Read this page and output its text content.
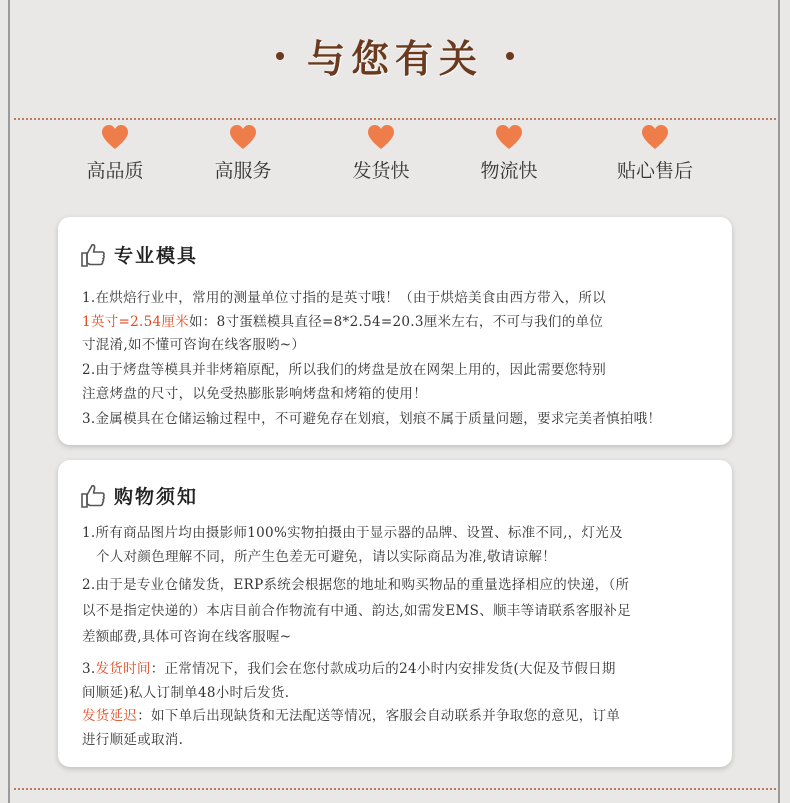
与您有关
高品质	高服务	发货快	物流快	贴心售后
专业模具
1.在烘焙行业中，常用的测量单位寸指的是英寸哦！（由于烘焙美食由西方带入，所以
1英寸=2.54厘米如：8寸蛋糕模具直径=8*2.54=20.3厘米左右，不可与我们的单位
寸混淆,如不懂可咨询在线客服哟~）
2.由于烤盘等模具并非烤箱原配，所以我们的烤盘是放在网架上用的，因此需要您特别
注意烤盘的尺寸，以免受热膨胀影响烤盘和烤箱的使用！
3.金属模具在仓储运输过程中，不可避免存在划痕，划痕不属于质量问题，要求完美者慎拍哦！
购物须知
1.所有商品图片均由摄影师100%实物拍摄由于显示器的品牌、设置、标准不同,，灯光及
个人对颜色理解不同，所产生色差无可避免，请以实际商品为准,敬请谅解！
2.由于是专业仓储发货，ERP系统会根据您的地址和购买物品的重量选择相应的快递，（所
以不是指定快递的）本店目前合作物流有中通、韵达,如需发EMS、顺丰等请联系客服补足
差额邮费,具体可咨询在线客服喔~
3.发货时间：正常情况下，我们会在您付款成功后的24小时内安排发货(大促及节假日期
间顺延)私人订制单48小时后发货.
发货延迟：如下单后出现缺货和无法配送等情况，客服会自动联系并争取您的意见，订单
进行顺延或取消.
